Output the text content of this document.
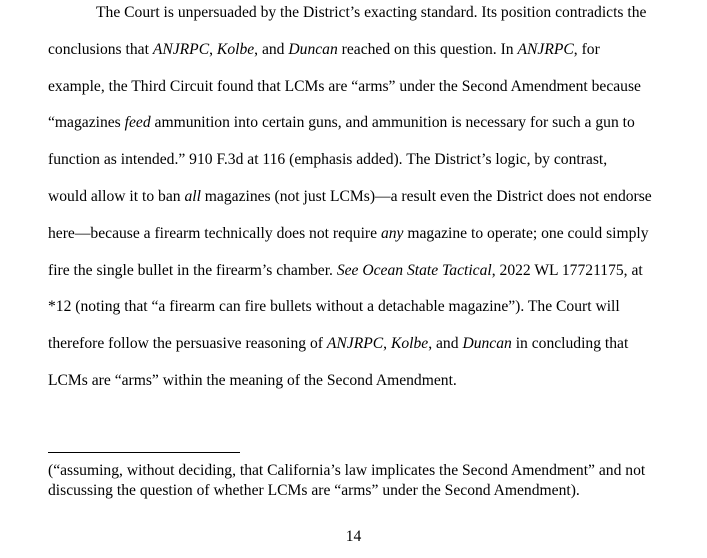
The Court is unpersuaded by the District’s exacting standard. Its position contradicts the

conclusions that ANJRPC, Kolbe, and Duncan reached on this question. In ANJRPC, for

example, the Third Circuit found that LCMs are “arms” under the Second Amendment because

“magazines feed ammunition into certain guns, and ammunition is necessary for such a gun to

function as intended.” 910 F.3d at 116 (emphasis added). The District’s logic, by contrast,

would allow it to ban all magazines (not just LCMs)—a result even the District does not endorse

here—because a firearm technically does not require any magazine to operate; one could simply

fire the single bullet in the firearm’s chamber. See Ocean State Tactical, 2022 WL 17721175, at

*12 (noting that “a firearm can fire bullets without a detachable magazine”). The Court will

therefore follow the persuasive reasoning of ANJRPC, Kolbe, and Duncan in concluding that

LCMs are “arms” within the meaning of the Second Amendment.

(“assuming, without deciding, that California’s law implicates the Second Amendment” and not

discussing the question of whether LCMs are “arms” under the Second Amendment).

14
